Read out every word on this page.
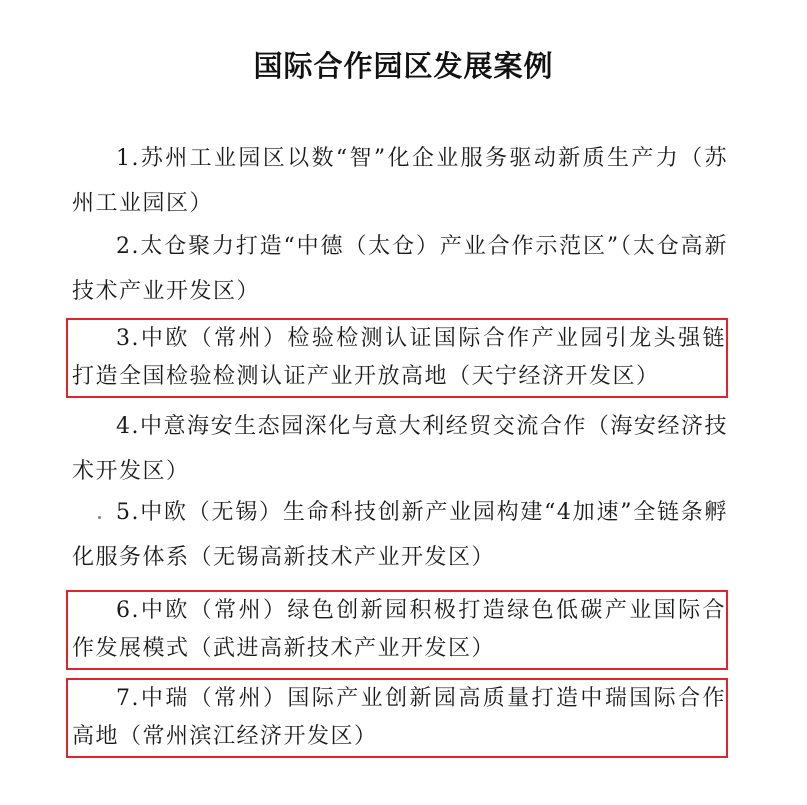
国际合作园区发展案例
1.苏州工业园区以数“智”化企业服务驱动新质生产力（苏州工业园区）
2.太仓聚力打造“中德（太仓）产业合作示范区”（太仓高新技术产业开发区）
3.中欧（常州）检验检测认证国际合作产业园引龙头强链 打造全国检验检测认证产业开放高地（天宁经济开发区）
4.中意海安生态园深化与意大利经贸交流合作（海安经济技术开发区）
5.中欧（无锡）生命科技创新产业园构建“4加速”全链条孵化服务体系（无锡高新技术产业开发区）
6.中欧（常州）绿色创新园积极打造绿色低碳产业国际合作发展模式（武进高新技术产业开发区）
7.中瑞（常州）国际产业创新园高质量打造中瑞国际合作高地（常州滨江经济开发区）
